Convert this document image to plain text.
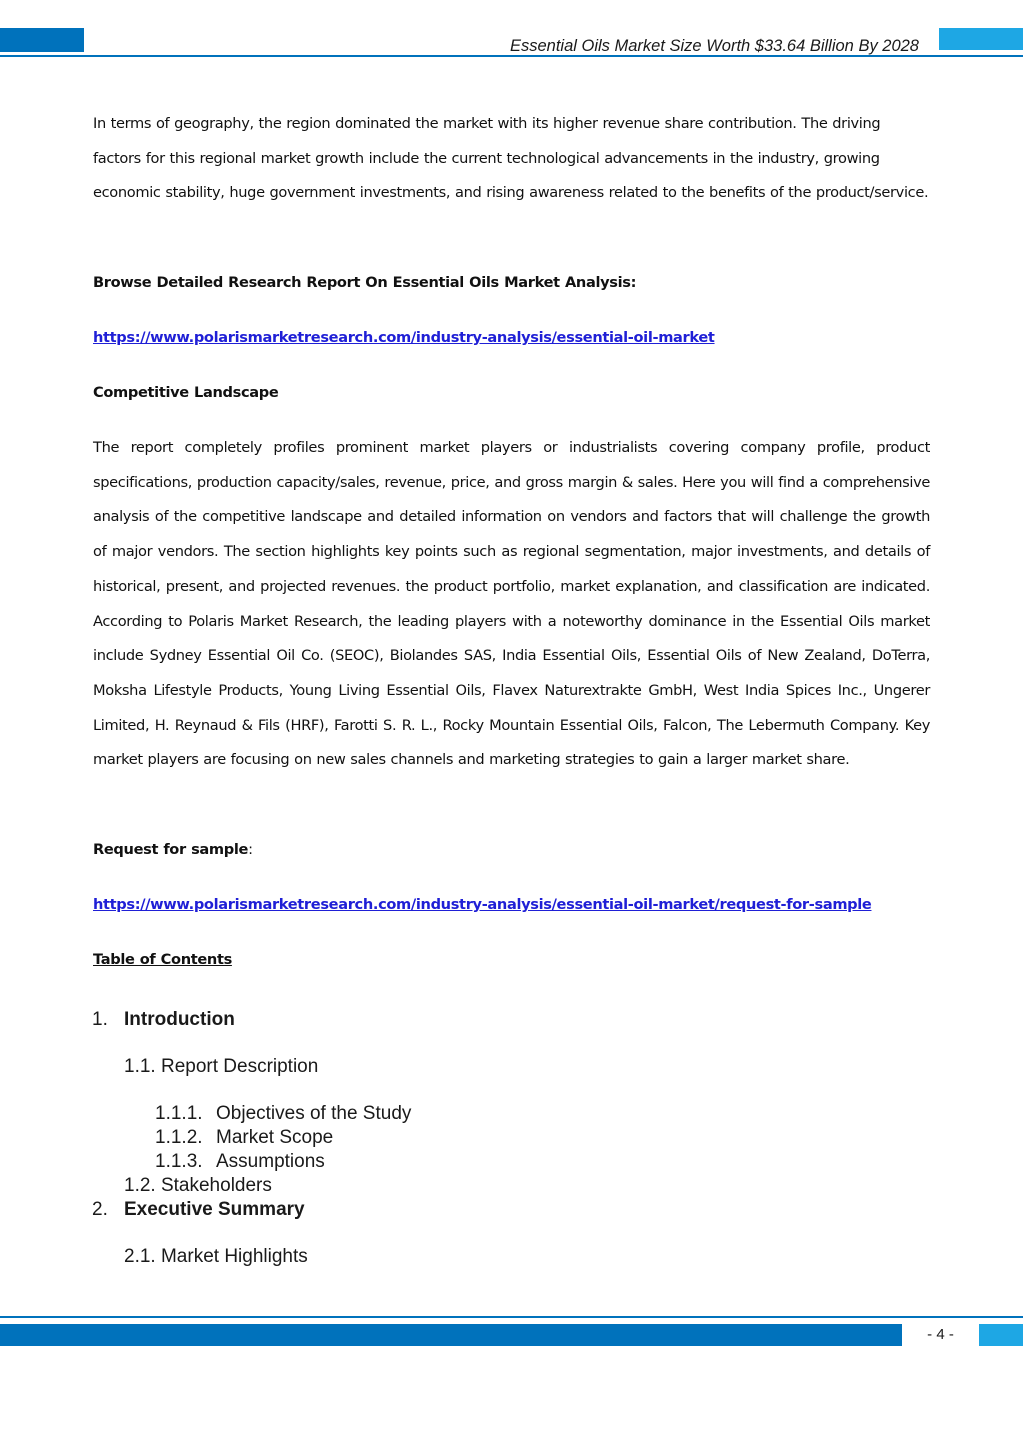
Essential Oils Market Size Worth $33.64 Billion By 2028

In terms of geography, the region dominated the market with its higher revenue share contribution. The driving factors for this regional market growth include the current technological advancements in the industry, growing economic stability, huge government investments, and rising awareness related to the benefits of the product/service.

Browse Detailed Research Report On Essential Oils Market Analysis:

https://www.polarismarketresearch.com/industry-analysis/essential-oil-market

Competitive Landscape

The report completely profiles prominent market players or industrialists covering company profile, product specifications, production capacity/sales, revenue, price, and gross margin & sales. Here you will find a comprehensive analysis of the competitive landscape and detailed information on vendors and factors that will challenge the growth of major vendors. The section highlights key points such as regional segmentation, major investments, and details of historical, present, and projected revenues. the product portfolio, market explanation, and classification are indicated. According to Polaris Market Research, the leading players with a noteworthy dominance in the Essential Oils market include Sydney Essential Oil Co. (SEOC), Biolandes SAS, India Essential Oils, Essential Oils of New Zealand, DoTerra, Moksha Lifestyle Products, Young Living Essential Oils, Flavex Naturextrakte GmbH, West India Spices Inc., Ungerer Limited, H. Reynaud & Fils (HRF), Farotti S. R. L., Rocky Mountain Essential Oils, Falcon, The Lebermuth Company. Key market players are focusing on new sales channels and marketing strategies to gain a larger market share.

Request for sample:

https://www.polarismarketresearch.com/industry-analysis/essential-oil-market/request-for-sample

Table of Contents

1. Introduction
1.1. Report Description
1.1.1. Objectives of the Study
1.1.2. Market Scope
1.1.3. Assumptions
1.2. Stakeholders
2. Executive Summary
2.1. Market Highlights
- 4 -
